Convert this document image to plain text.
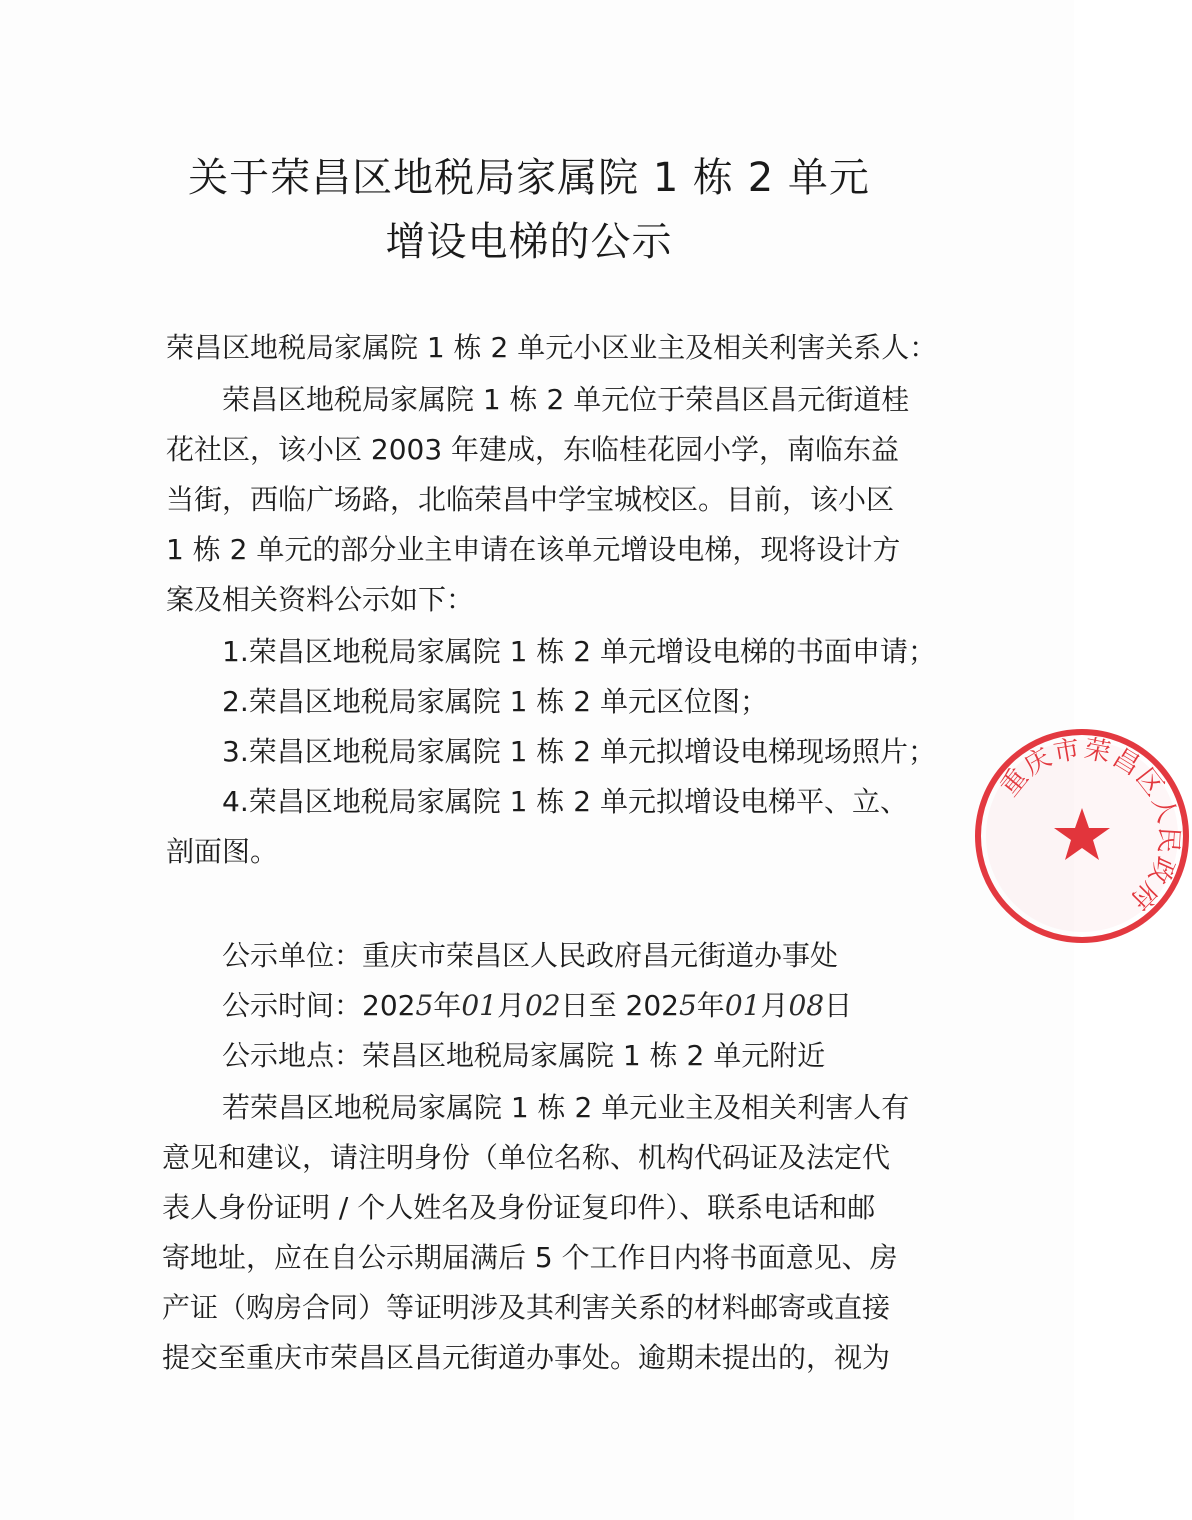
关于荣昌区地税局家属院 1 栋 2 单元
增设电梯的公示
荣昌区地税局家属院 1 栋 2 单元小区业主及相关利害关系人：
荣昌区地税局家属院 1 栋 2 单元位于荣昌区昌元街道桂
花社区，该小区 2003 年建成，东临桂花园小学，南临东益
当街，西临广场路，北临荣昌中学宝城校区。目前，该小区
1 栋 2 单元的部分业主申请在该单元增设电梯，现将设计方
案及相关资料公示如下：
1.荣昌区地税局家属院 1 栋 2 单元增设电梯的书面申请；
2.荣昌区地税局家属院 1 栋 2 单元区位图；
3.荣昌区地税局家属院 1 栋 2 单元拟增设电梯现场照片；
4.荣昌区地税局家属院 1 栋 2 单元拟增设电梯平、立、
剖面图。
公示单位：重庆市荣昌区人民政府昌元街道办事处
公示时间：2025年01月02日至 2025年01月08日
公示地点：荣昌区地税局家属院 1 栋 2 单元附近
若荣昌区地税局家属院 1 栋 2 单元业主及相关利害人有
意见和建议，请注明身份（单位名称、机构代码证及法定代
表人身份证明 / 个人姓名及身份证复印件）、联系电话和邮
寄地址，应在自公示期届满后 5 个工作日内将书面意见、房
产证（购房合同）等证明涉及其利害关系的材料邮寄或直接
提交至重庆市荣昌区昌元街道办事处。逾期未提出的，视为
重庆市荣昌区人民政府
